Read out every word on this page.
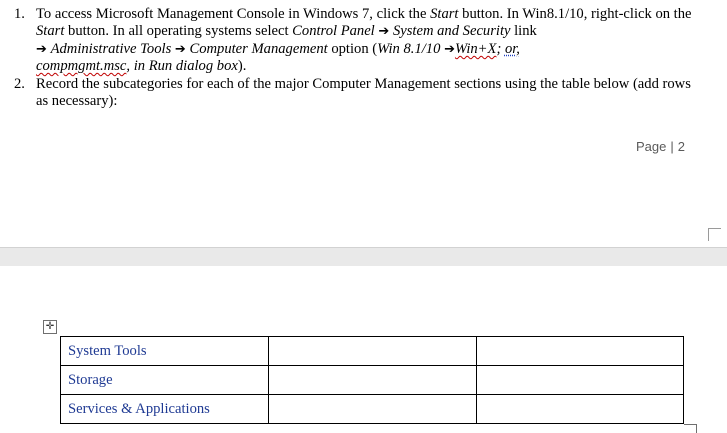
1. To access Microsoft Management Console in Windows 7, click the Start button. In Win8.1/10, right-click on the Start button. In all operating systems select Control Panel ➔ System and Security link
➔ Administrative Tools ➔ Computer Management option (Win 8.1/10 ➔Win+X; or,
compmgmt.msc, in Run dialog box).
2. Record the subcategories for each of the major Computer Management sections using the table below (add rows as necessary):
Page | 2
✛
System Tools		
Storage		
Services & Applications		
